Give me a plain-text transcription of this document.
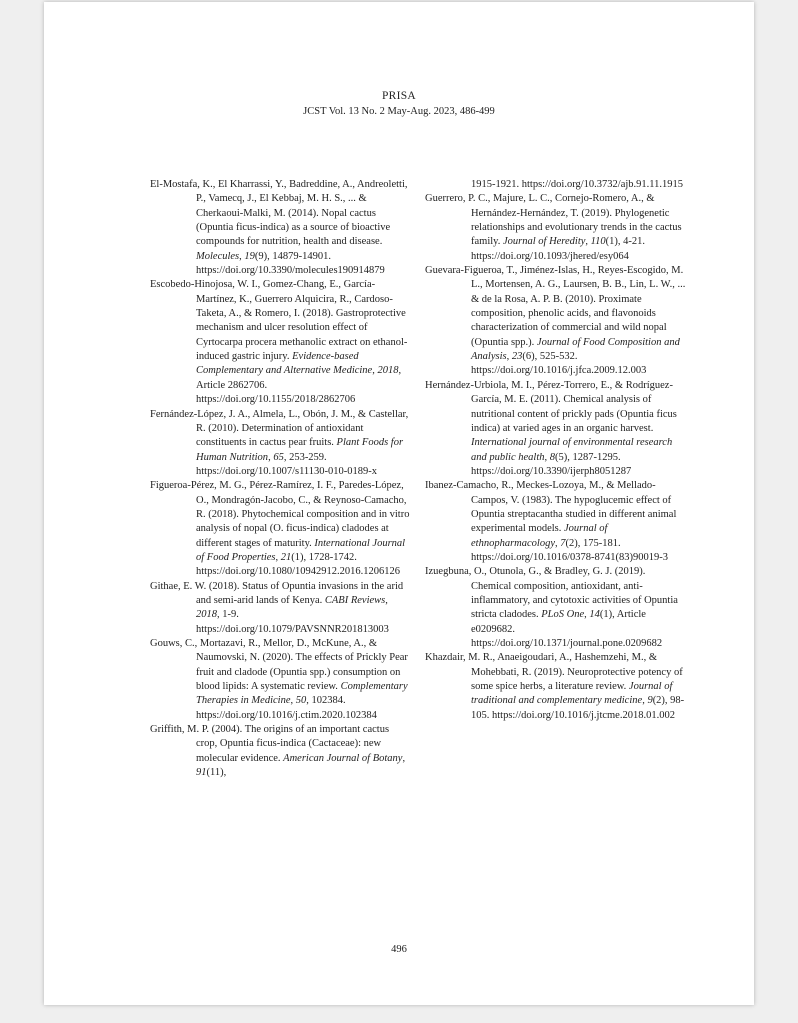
PRISA
JCST Vol. 13 No. 2 May-Aug. 2023, 486-499

El-Mostafa, K., El Kharrassi, Y., Badreddine, A., Andreoletti, P., Vamecq, J., El Kebbaj, M. H. S., ... & Cherkaoui-Malki, M. (2014). Nopal cactus (Opuntia ficus-indica) as a source of bioactive compounds for nutrition, health and disease. Molecules, 19(9), 14879-14901. https://doi.org/10.3390/molecules190914879

Escobedo-Hinojosa, W. I., Gomez-Chang, E., García-Martínez, K., Guerrero Alquicira, R., Cardoso-Taketa, A., & Romero, I. (2018). Gastroprotective mechanism and ulcer resolution effect of Cyrtocarpa procera methanolic extract on ethanol-induced gastric injury. Evidence-based Complementary and Alternative Medicine, 2018, Article 2862706. https://doi.org/10.1155/2018/2862706

Fernández-López, J. A., Almela, L., Obón, J. M., & Castellar, R. (2010). Determination of antioxidant constituents in cactus pear fruits. Plant Foods for Human Nutrition, 65, 253-259. https://doi.org/10.1007/s11130-010-0189-x

Figueroa-Pérez, M. G., Pérez-Ramírez, I. F., Paredes-López, O., Mondragón-Jacobo, C., & Reynoso-Camacho, R. (2018). Phytochemical composition and in vitro analysis of nopal (O. ficus-indica) cladodes at different stages of maturity. International Journal of Food Properties, 21(1), 1728-1742. https://doi.org/10.1080/10942912.2016.1206126

Githae, E. W. (2018). Status of Opuntia invasions in the arid and semi-arid lands of Kenya. CABI Reviews, 2018, 1-9. https://doi.org/10.1079/PAVSNNR201813003

Gouws, C., Mortazavi, R., Mellor, D., McKune, A., & Naumovski, N. (2020). The effects of Prickly Pear fruit and cladode (Opuntia spp.) consumption on blood lipids: A systematic review. Complementary Therapies in Medicine, 50, 102384. https://doi.org/10.1016/j.ctim.2020.102384

Griffith, M. P. (2004). The origins of an important cactus crop, Opuntia ficus-indica (Cactaceae): new molecular evidence. American Journal of Botany, 91(11),

1915-1921. https://doi.org/10.3732/ajb.91.11.1915

Guerrero, P. C., Majure, L. C., Cornejo-Romero, A., & Hernández-Hernández, T. (2019). Phylogenetic relationships and evolutionary trends in the cactus family. Journal of Heredity, 110(1), 4-21. https://doi.org/10.1093/jhered/esy064

Guevara-Figueroa, T., Jiménez-Islas, H., Reyes-Escogido, M. L., Mortensen, A. G., Laursen, B. B., Lin, L. W., ... & de la Rosa, A. P. B. (2010). Proximate composition, phenolic acids, and flavonoids characterization of commercial and wild nopal (Opuntia spp.). Journal of Food Composition and Analysis, 23(6), 525-532. https://doi.org/10.1016/j.jfca.2009.12.003

Hernández-Urbiola, M. I., Pérez-Torrero, E., & Rodríguez-García, M. E. (2011). Chemical analysis of nutritional content of prickly pads (Opuntia ficus indica) at varied ages in an organic harvest. International journal of environmental research and public health, 8(5), 1287-1295. https://doi.org/10.3390/ijerph8051287

Ibanez-Camacho, R., Meckes-Lozoya, M., & Mellado-Campos, V. (1983). The hypoglucemic effect of Opuntia streptacantha studied in different animal experimental models. Journal of ethnopharmacology, 7(2), 175-181. https://doi.org/10.1016/0378-8741(83)90019-3

Izuegbuna, O., Otunola, G., & Bradley, G. J. (2019). Chemical composition, antioxidant, anti-inflammatory, and cytotoxic activities of Opuntia stricta cladodes. PLoS One, 14(1), Article e0209682. https://doi.org/10.1371/journal.pone.0209682

Khazdair, M. R., Anaeigoudari, A., Hashemzehi, M., & Mohebbati, R. (2019). Neuroprotective potency of some spice herbs, a literature review. Journal of traditional and complementary medicine, 9(2), 98-105. https://doi.org/10.1016/j.jtcme.2018.01.002

496
